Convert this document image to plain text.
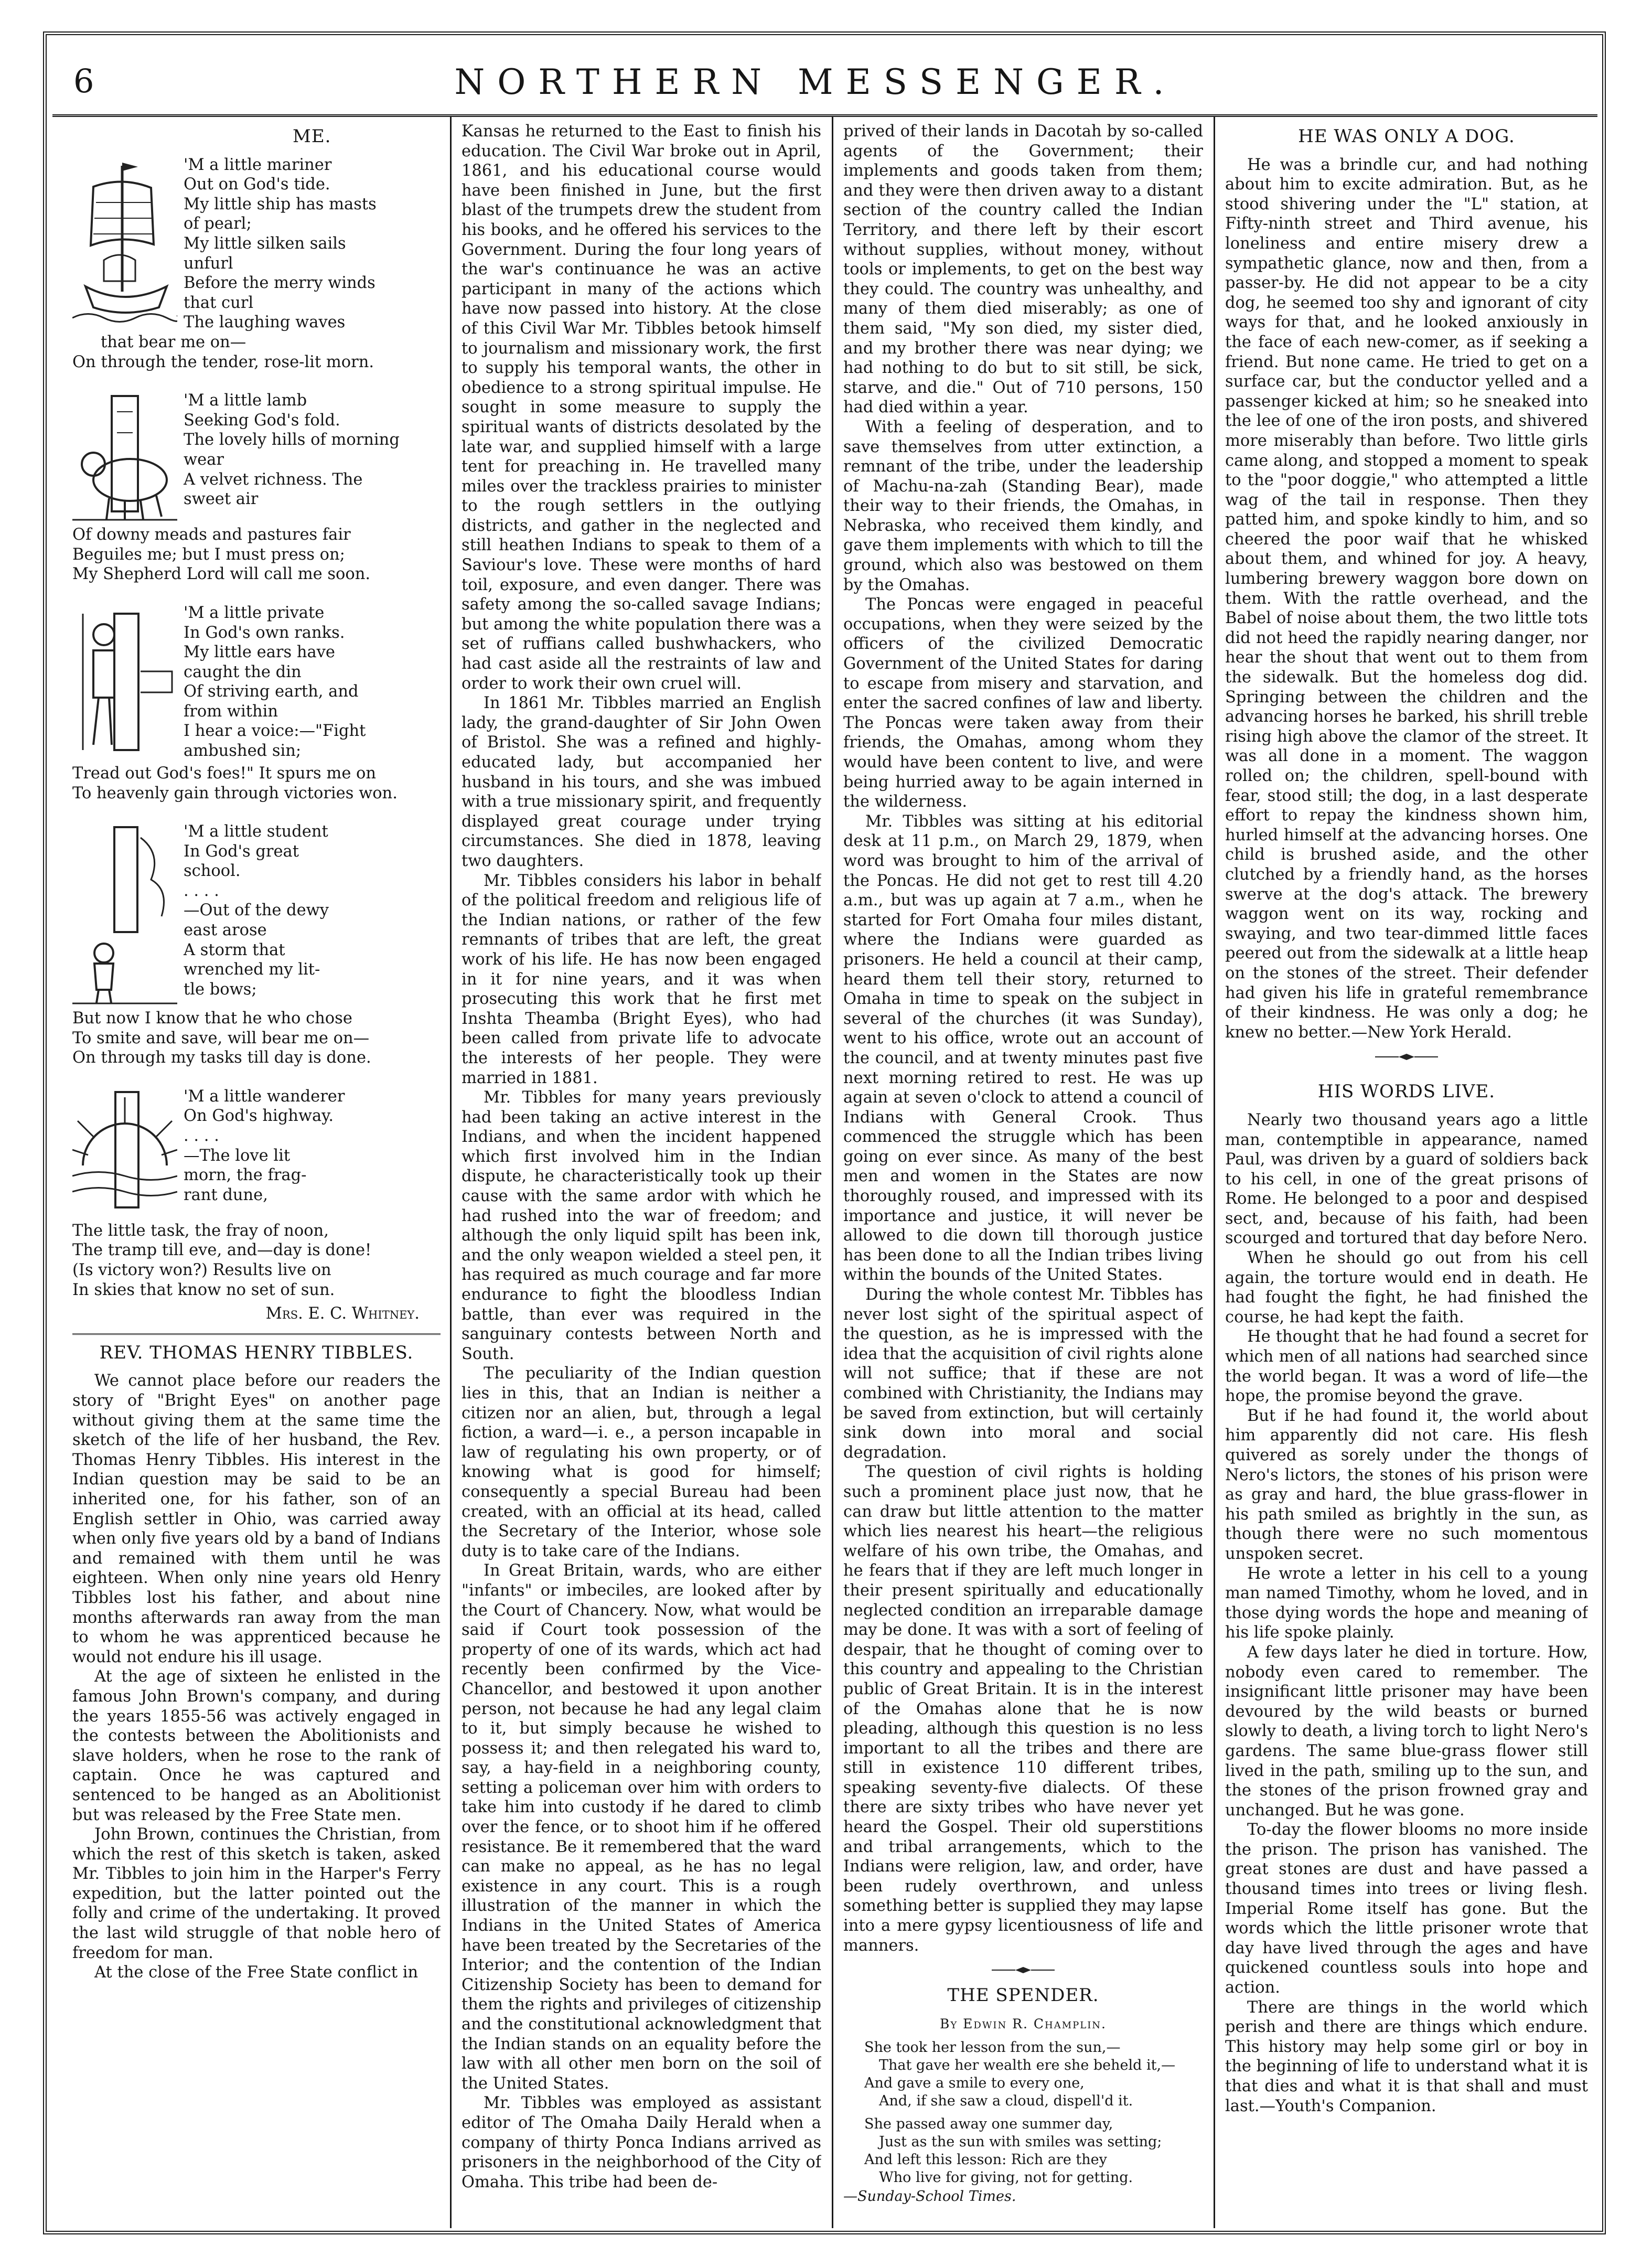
6	NORTHERN MESSENGER.
ME.
'M a little mariner
Out on God's tide.
My little ship has masts
of pearl;
My little silken sails
unfurl
Before the merry winds
that curl
The laughing waves
that bear me on—
On through the tender, rose-lit morn.
'M a little lamb
Seeking God's fold.
The lovely hills of morning
wear
A velvet richness. The
sweet air
Of downy meads and pastures fair
Beguiles me; but I must press on;
My Shepherd Lord will call me soon.
'M a little private
In God's own ranks.
My little ears have
caught the din
Of striving earth, and
from within
I hear a voice:—"Fight
ambushed sin;
Tread out God's foes!" It spurs me on
To heavenly gain through victories won.
'M a little student
In God's great
school.
. . . .
—Out of the dewy
east arose
A storm that
wrenched my lit-
tle bows;
But now I know that he who chose
To smite and save, will bear me on—
On through my tasks till day is done.
'M a little wanderer
On God's highway.
. . . .
—The love lit
morn, the frag-
rant dune,
The little task, the fray of noon,
The tramp till eve, and—day is done!
(Is victory won?) Results live on
In skies that know no set of sun.
Mrs. E. C. Whitney.
REV. THOMAS HENRY TIBBLES.

We cannot place before our readers the story of "Bright Eyes" on another page without giving them at the same time the sketch of the life of her husband, the Rev. Thomas Henry Tibbles. His interest in the Indian question may be said to be an inherited one, for his father, son of an English settler in Ohio, was carried away when only five years old by a band of Indians and remained with them until he was eighteen. When only nine years old Henry Tibbles lost his father, and about nine months afterwards ran away from the man to whom he was apprenticed because he would not endure his ill usage.

At the age of sixteen he enlisted in the famous John Brown's company, and during the years 1855-56 was actively engaged in the contests between the Abolitionists and slave holders, when he rose to the rank of captain. Once he was captured and sentenced to be hanged as an Abolitionist but was released by the Free State men.

John Brown, continues the Christian, from which the rest of this sketch is taken, asked Mr. Tibbles to join him in the Harper's Ferry expedition, but the latter pointed out the folly and crime of the undertaking. It proved the last wild struggle of that noble hero of freedom for man.

At the close of the Free State conflict in

Kansas he returned to the East to finish his education. The Civil War broke out in April, 1861, and his educational course would have been finished in June, but the first blast of the trumpets drew the student from his books, and he offered his services to the Government. During the four long years of the war's continuance he was an active participant in many of the actions which have now passed into history. At the close of this Civil War Mr. Tibbles betook himself to journalism and missionary work, the first to supply his temporal wants, the other in obedience to a strong spiritual impulse. He sought in some measure to supply the spiritual wants of districts desolated by the late war, and supplied himself with a large tent for preaching in. He travelled many miles over the trackless prairies to minister to the rough settlers in the outlying districts, and gather in the neglected and still heathen Indians to speak to them of a Saviour's love. These were months of hard toil, exposure, and even danger. There was safety among the so-called savage Indians; but among the white population there was a set of ruffians called bushwhackers, who had cast aside all the restraints of law and order to work their own cruel will.

In 1861 Mr. Tibbles married an English lady, the grand-daughter of Sir John Owen of Bristol. She was a refined and highly-educated lady, but accompanied her husband in his tours, and she was imbued with a true missionary spirit, and frequently displayed great courage under trying circumstances. She died in 1878, leaving two daughters.

Mr. Tibbles considers his labor in behalf of the political freedom and religious life of the Indian nations, or rather of the few remnants of tribes that are left, the great work of his life. He has now been engaged in it for nine years, and it was when prosecuting this work that he first met Inshta Theamba (Bright Eyes), who had been called from private life to advocate the interests of her people. They were married in 1881.

Mr. Tibbles for many years previously had been taking an active interest in the Indians, and when the incident happened which first involved him in the Indian dispute, he characteristically took up their cause with the same ardor with which he had rushed into the war of freedom; and although the only liquid spilt has been ink, and the only weapon wielded a steel pen, it has required as much courage and far more endurance to fight the bloodless Indian battle, than ever was required in the sanguinary contests between North and South.

The peculiarity of the Indian question lies in this, that an Indian is neither a citizen nor an alien, but, through a legal fiction, a ward—i. e., a person incapable in law of regulating his own property, or of knowing what is good for himself; consequently a special Bureau had been created, with an official at its head, called the Secretary of the Interior, whose sole duty is to take care of the Indians.

In Great Britain, wards, who are either "infants" or imbeciles, are looked after by the Court of Chancery. Now, what would be said if Court took possession of the property of one of its wards, which act had recently been confirmed by the Vice-Chancellor, and bestowed it upon another person, not because he had any legal claim to it, but simply because he wished to possess it; and then relegated his ward to, say, a hay-field in a neighboring county, setting a policeman over him with orders to take him into custody if he dared to climb over the fence, or to shoot him if he offered resistance. Be it remembered that the ward can make no appeal, as he has no legal existence in any court. This is a rough illustration of the manner in which the Indians in the United States of America have been treated by the Secretaries of the Interior; and the contention of the Indian Citizenship Society has been to demand for them the rights and privileges of citizenship and the constitutional acknowledgment that the Indian stands on an equality before the law with all other men born on the soil of the United States.

Mr. Tibbles was employed as assistant editor of The Omaha Daily Herald when a company of thirty Ponca Indians arrived as prisoners in the neighborhood of the City of Omaha. This tribe had been de-

prived of their lands in Dacotah by so-called agents of the Government; their implements and goods taken from them; and they were then driven away to a distant section of the country called the Indian Territory, and there left by their escort without supplies, without money, without tools or implements, to get on the best way they could. The country was unhealthy, and many of them died miserably; as one of them said, "My son died, my sister died, and my brother there was near dying; we had nothing to do but to sit still, be sick, starve, and die." Out of 710 persons, 150 had died within a year.

With a feeling of desperation, and to save themselves from utter extinction, a remnant of the tribe, under the leadership of Machu-na-zah (Standing Bear), made their way to their friends, the Omahas, in Nebraska, who received them kindly, and gave them implements with which to till the ground, which also was bestowed on them by the Omahas.

The Poncas were engaged in peaceful occupations, when they were seized by the officers of the civilized Democratic Government of the United States for daring to escape from misery and starvation, and enter the sacred confines of law and liberty. The Poncas were taken away from their friends, the Omahas, among whom they would have been content to live, and were being hurried away to be again interned in the wilderness.

Mr. Tibbles was sitting at his editorial desk at 11 p.m., on March 29, 1879, when word was brought to him of the arrival of the Poncas. He did not get to rest till 4.20 a.m., but was up again at 7 a.m., when he started for Fort Omaha four miles distant, where the Indians were guarded as prisoners. He held a council at their camp, heard them tell their story, returned to Omaha in time to speak on the subject in several of the churches (it was Sunday), went to his office, wrote out an account of the council, and at twenty minutes past five next morning retired to rest. He was up again at seven o'clock to attend a council of Indians with General Crook. Thus commenced the struggle which has been going on ever since. As many of the best men and women in the States are now thoroughly roused, and impressed with its importance and justice, it will never be allowed to die down till thorough justice has been done to all the Indian tribes living within the bounds of the United States.

During the whole contest Mr. Tibbles has never lost sight of the spiritual aspect of the question, as he is impressed with the idea that the acquisition of civil rights alone will not suffice; that if these are not combined with Christianity, the Indians may be saved from extinction, but will certainly sink down into moral and social degradation.

The question of civil rights is holding such a prominent place just now, that he can draw but little attention to the matter which lies nearest his heart—the religious welfare of his own tribe, the Omahas, and he fears that if they are left much longer in their present spiritually and educationally neglected condition an irreparable damage may be done. It was with a sort of feeling of despair, that he thought of coming over to this country and appealing to the Christian public of Great Britain. It is in the interest of the Omahas alone that he is now pleading, although this question is no less important to all the tribes and there are still in existence 110 different tribes, speaking seventy-five dialects. Of these there are sixty tribes who have never yet heard the Gospel. Their old superstitions and tribal arrangements, which to the Indians were religion, law, and order, have been rudely overthrown, and unless something better is supplied they may lapse into a mere gypsy licentiousness of life and manners.

THE SPENDER.
By Edwin R. Champlin.
She took her lesson from the sun,—
That gave her wealth ere she beheld it,—
And gave a smile to every one,
And, if she saw a cloud, dispell'd it.
She passed away one summer day,
Just as the sun with smiles was setting;
And left this lesson: Rich are they
Who live for giving, not for getting.
—Sunday-School Times.
HE WAS ONLY A DOG.

He was a brindle cur, and had nothing about him to excite admiration. But, as he stood shivering under the "L" station, at Fifty-ninth street and Third avenue, his loneliness and entire misery drew a sympathetic glance, now and then, from a passer-by. He did not appear to be a city dog, he seemed too shy and ignorant of city ways for that, and he looked anxiously in the face of each new-comer, as if seeking a friend. But none came. He tried to get on a surface car, but the conductor yelled and a passenger kicked at him; so he sneaked into the lee of one of the iron posts, and shivered more miserably than before. Two little girls came along, and stopped a moment to speak to the "poor doggie," who attempted a little wag of the tail in response. Then they patted him, and spoke kindly to him, and so cheered the poor waif that he whisked about them, and whined for joy. A heavy, lumbering brewery waggon bore down on them. With the rattle overhead, and the Babel of noise about them, the two little tots did not heed the rapidly nearing danger, nor hear the shout that went out to them from the sidewalk. But the homeless dog did. Springing between the children and the advancing horses he barked, his shrill treble rising high above the clamor of the street. It was all done in a moment. The waggon rolled on; the children, spell-bound with fear, stood still; the dog, in a last desperate effort to repay the kindness shown him, hurled himself at the advancing horses. One child is brushed aside, and the other clutched by a friendly hand, as the horses swerve at the dog's attack. The brewery waggon went on its way, rocking and swaying, and two tear-dimmed little faces peered out from the sidewalk at a little heap on the stones of the street. Their defender had given his life in grateful remembrance of their kindness. He was only a dog; he knew no better.—New York Herald.

HIS WORDS LIVE.

Nearly two thousand years ago a little man, contemptible in appearance, named Paul, was driven by a guard of soldiers back to his cell, in one of the great prisons of Rome. He belonged to a poor and despised sect, and, because of his faith, had been scourged and tortured that day before Nero.

When he should go out from his cell again, the torture would end in death. He had fought the fight, he had finished the course, he had kept the faith.

He thought that he had found a secret for which men of all nations had searched since the world began. It was a word of life—the hope, the promise beyond the grave.

But if he had found it, the world about him apparently did not care. His flesh quivered as sorely under the thongs of Nero's lictors, the stones of his prison were as gray and hard, the blue grass-flower in his path smiled as brightly in the sun, as though there were no such momentous unspoken secret.

He wrote a letter in his cell to a young man named Timothy, whom he loved, and in those dying words the hope and meaning of his life spoke plainly.

A few days later he died in torture. How, nobody even cared to remember. The insignificant little prisoner may have been devoured by the wild beasts or burned slowly to death, a living torch to light Nero's gardens. The same blue-grass flower still lived in the path, smiling up to the sun, and the stones of the prison frowned gray and unchanged. But he was gone.

To-day the flower blooms no more inside the prison. The prison has vanished. The great stones are dust and have passed a thousand times into trees or living flesh. Imperial Rome itself has gone. But the words which the little prisoner wrote that day have lived through the ages and have quickened countless souls into hope and action.

There are things in the world which perish and there are things which endure. This history may help some girl or boy in the beginning of life to understand what it is that dies and what it is that shall and must last.—Youth's Companion.
